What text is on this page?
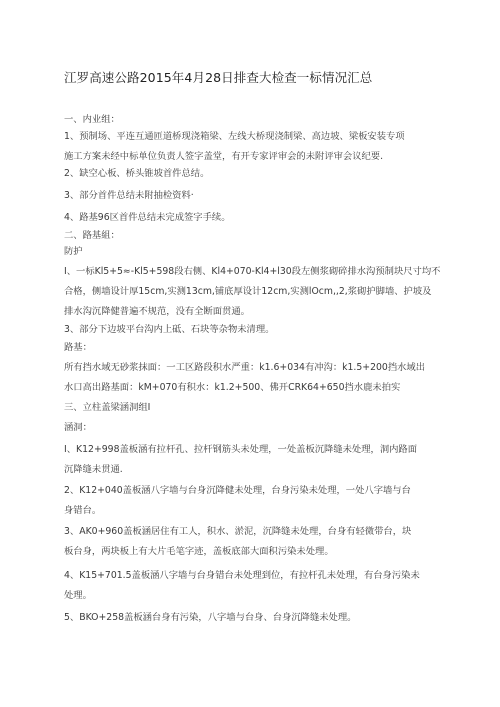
江罗高速公路2015年4月28日排查大检查一标情况汇总
一、内业组：
1、预制场、平连互通匝道桥现浇箱梁、左线大桥现浇制梁、高边坡、梁板安装专项
施工方案未经中标单位负责人签字盖堂，有开专家评审会的未附评审会议纪要.
2、缺空心板、桥头锥坡首件总结。
3、部分首件总结未附抽检资料·
4、路基96区首件总结未完成签字手续。
二、路基組：
防护
I、一标Kl5+5≈-Kl5+598段右侧、Kl4+070-Kl4+l30段左侧浆砌碎排水沟预制块尺寸均不
合格，侧墙设计厚15cm,实测13cm,铺底厚设计12cm,实测lOcm,,2,浆砌护脚墙、护坡及
排水沟沉降健普遍不规范，没有全断面贯通。
3、部分下边坡平台沟内上砥、石块等杂物未清理。
路基：
所有挡水域无砂浆抹面：一工区路段积水严重：k1.6+034有冲沟：k1.5+200挡水域出
水口高出路基面：kM+070有积水：k1.2+500、佛开CRK64+650挡水鹿未拍实
三、立柱盖梁涵洞组I
涵洞：
I、K12+998盖板涵有拉杆孔、拉杆钢筋头未处理，一处盖板沉降缝未处理，洞内路面
沉降缝未贯通.
2、K12+040盖板涵八字墙与台身沉降健未处理，台身污染未处理，一处八字墙与台
身错台。
3、AK0+960盖板涵居住有工人，积水、淤泥，沉降缝未处理，台身有轻微带台，块
板台身，两块板上有大片毛笔字迹，盖板底部大面积污染未处理。
4、K15+701.5盖板涵八字墙与台身错台未处理到位，有拉杆孔未处理，有台身污染未
处理。
5、BKO+258盖板涵台身有污染，八字墙与台身、台身沉降缝未处理。
